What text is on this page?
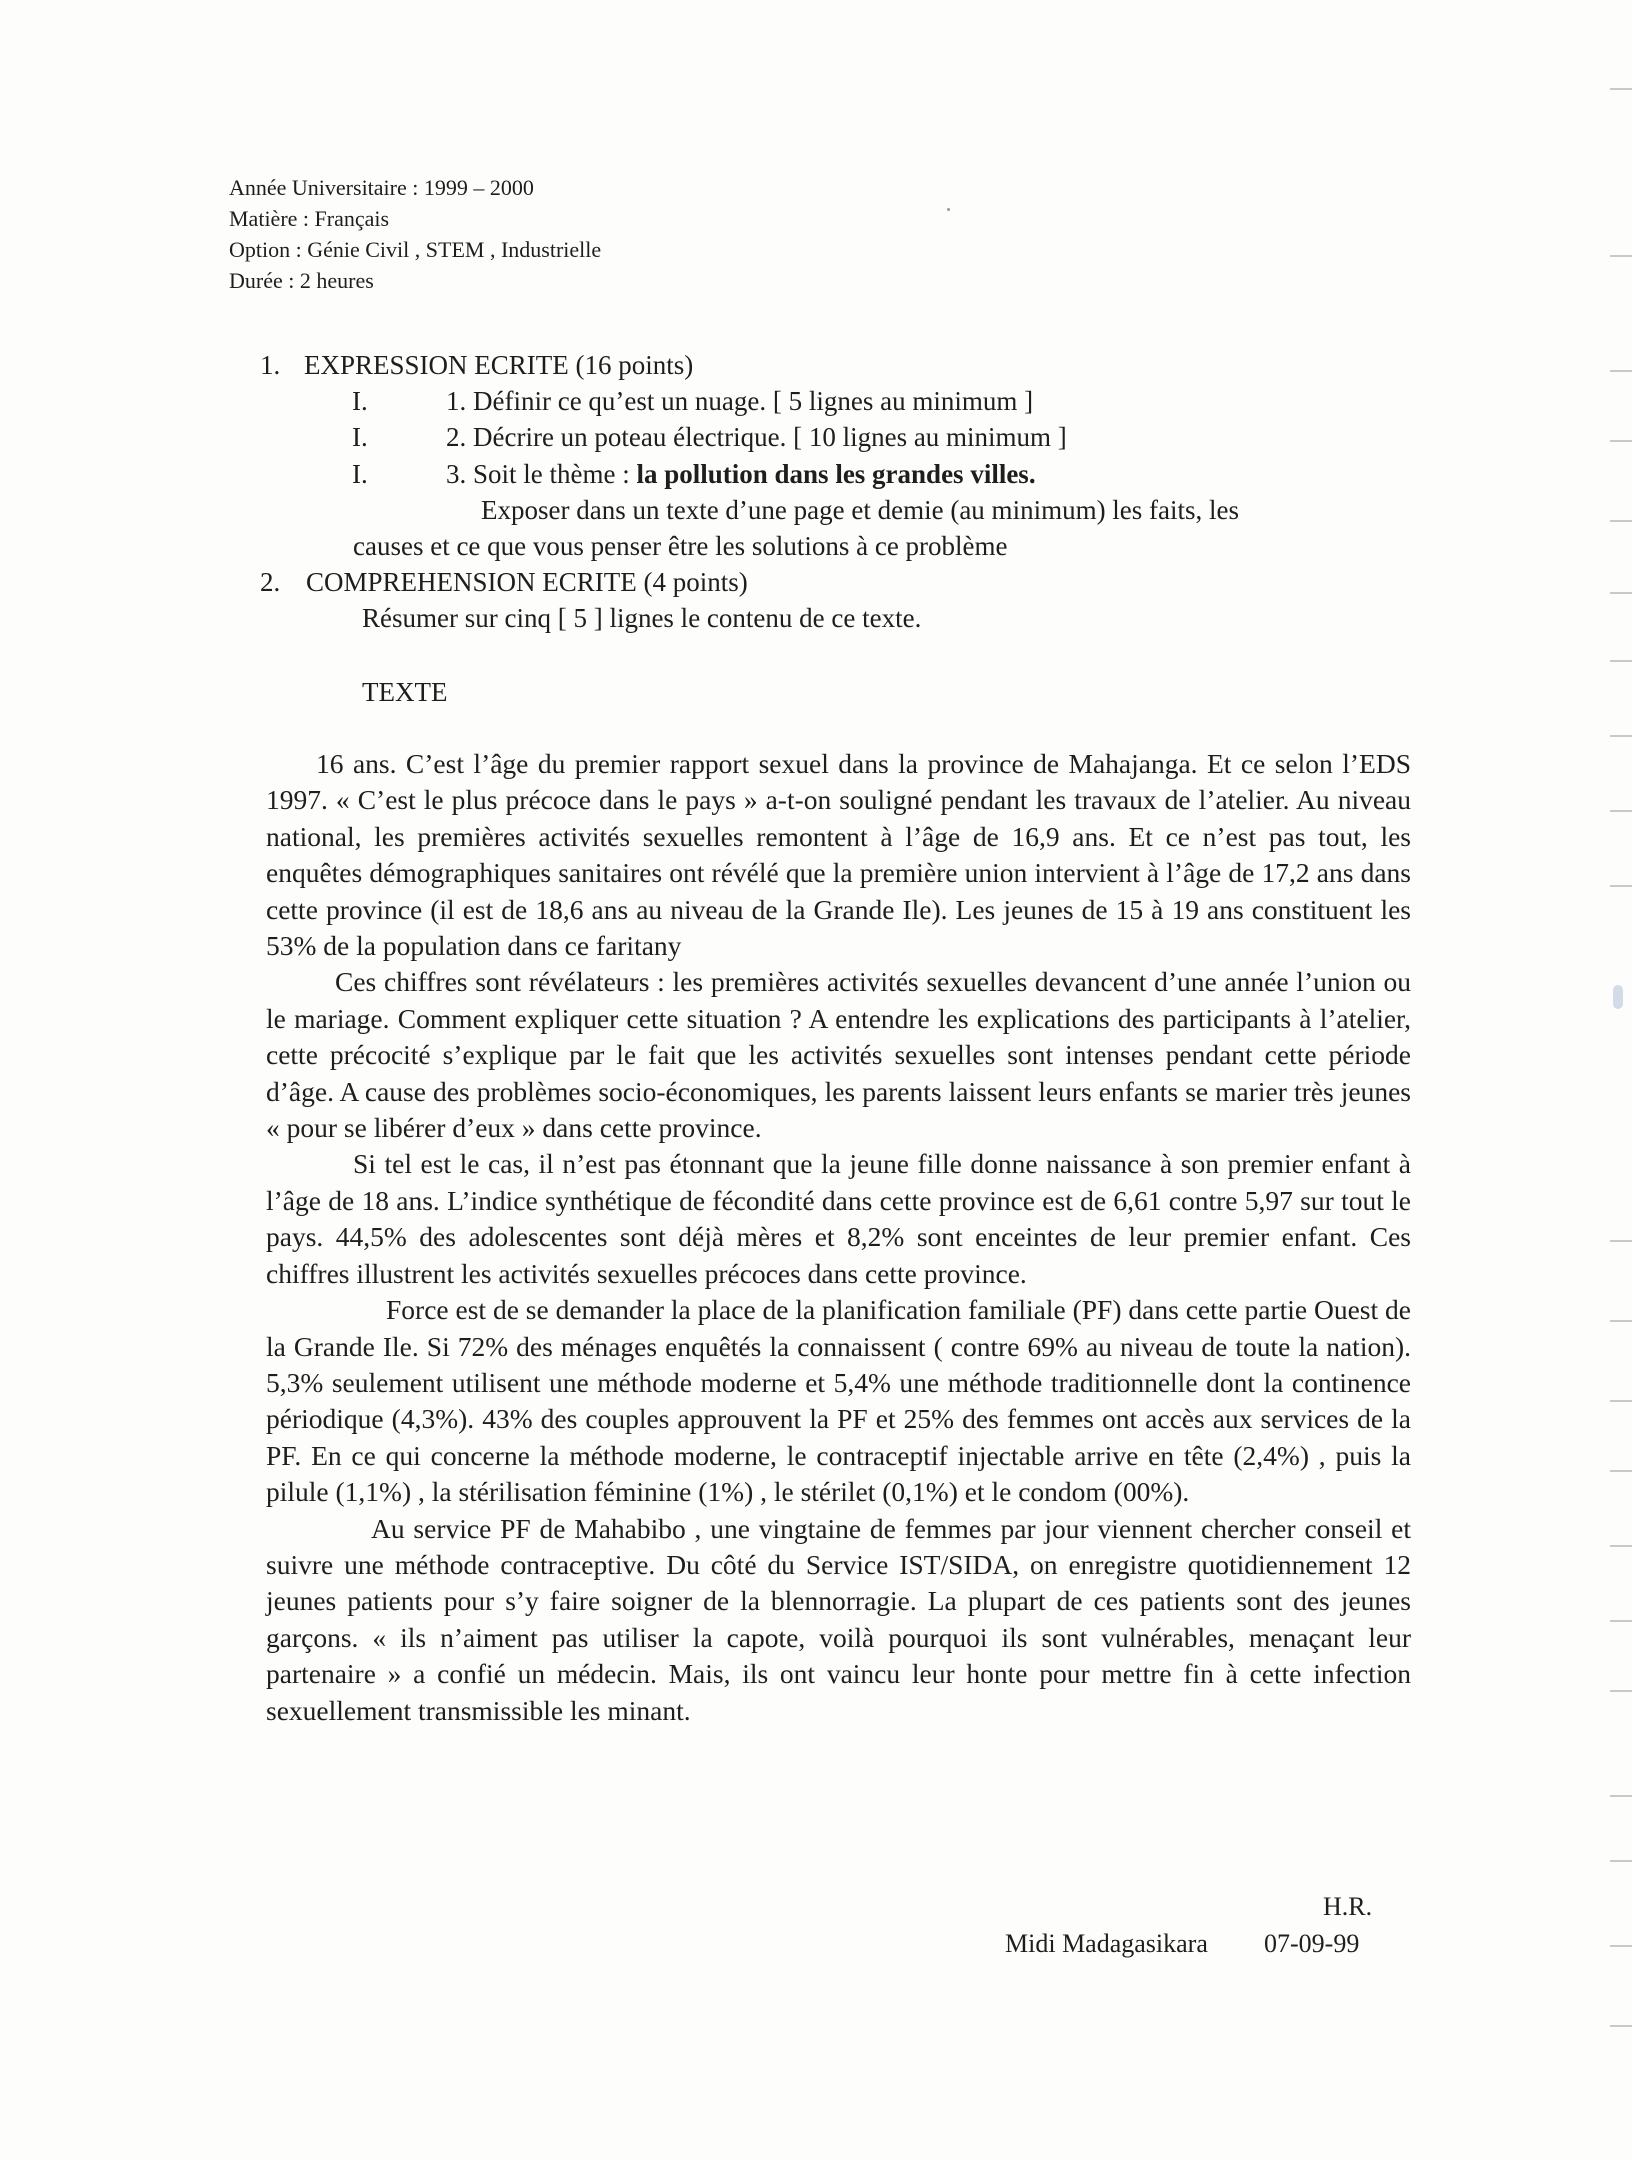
Année Universitaire : 1999 – 2000
Matière : Français
Option : Génie Civil , STEM , Industrielle
Durée : 2 heures
1. EXPRESSION ECRITE (16 points)
I.	1. Définir ce qu’est un nuage. [ 5 lignes au minimum ]
I.	2. Décrire un poteau électrique. [ 10 lignes au minimum ]
I.	3. Soit le thème : la pollution dans les grandes villes.
Exposer dans un texte d’une page et demie (au minimum) les faits, les
causes et ce que vous penser être les solutions à ce problème
2. COMPREHENSION ECRITE (4 points)
Résumer sur cinq [ 5 ] lignes le contenu de ce texte.
TEXTE

16 ans. C’est l’âge du premier rapport sexuel dans la province de Mahajanga. Et ce selon l’EDS 1997. « C’est le plus précoce dans le pays » a-t-on souligné pendant les travaux de l’atelier. Au niveau national, les premières activités sexuelles remontent à l’âge de 16,9 ans. Et ce n’est pas tout, les enquêtes démographiques sanitaires ont révélé que la première union intervient à l’âge de 17,2 ans dans cette province (il est de 18,6 ans au niveau de la Grande Ile). Les jeunes de 15 à 19 ans constituent les 53% de la population dans ce faritany

Ces chiffres sont révélateurs : les premières activités sexuelles devancent d’une année l’union ou le mariage. Comment expliquer cette situation ? A entendre les explications des participants à l’atelier, cette précocité s’explique par le fait que les activités sexuelles sont intenses pendant cette période d’âge. A cause des problèmes socio-économiques, les parents laissent leurs enfants se marier très jeunes « pour se libérer d’eux » dans cette province.

Si tel est le cas, il n’est pas étonnant que la jeune fille donne naissance à son premier enfant à l’âge de 18 ans. L’indice synthétique de fécondité dans cette province est de 6,61 contre 5,97 sur tout le pays. 44,5% des adolescentes sont déjà mères et 8,2% sont enceintes de leur premier enfant. Ces chiffres illustrent les activités sexuelles précoces dans cette province.

Force est de se demander la place de la planification familiale (PF) dans cette partie Ouest de la Grande Ile. Si 72% des ménages enquêtés la connaissent ( contre 69% au niveau de toute la nation). 5,3% seulement utilisent une méthode moderne et 5,4% une méthode traditionnelle dont la continence périodique (4,3%). 43% des couples approuvent la PF et 25% des femmes ont accès aux services de la PF. En ce qui concerne la méthode moderne, le contraceptif injectable arrive en tête (2,4%) , puis la pilule (1,1%) , la stérilisation féminine (1%) , le stérilet (0,1%) et le condom (00%).

Au service PF de Mahabibo , une vingtaine de femmes par jour viennent chercher conseil et suivre une méthode contraceptive. Du côté du Service IST/SIDA, on enregistre quotidiennement 12 jeunes patients pour s’y faire soigner de la blennorragie. La plupart de ces patients sont des jeunes garçons. « ils n’aiment pas utiliser la capote, voilà pourquoi ils sont vulnérables, menaçant leur partenaire » a confié un médecin. Mais, ils ont vaincu leur honte pour mettre fin à cette infection sexuellement transmissible les minant.

H.R.
Midi Madagasikara 07-09-99
